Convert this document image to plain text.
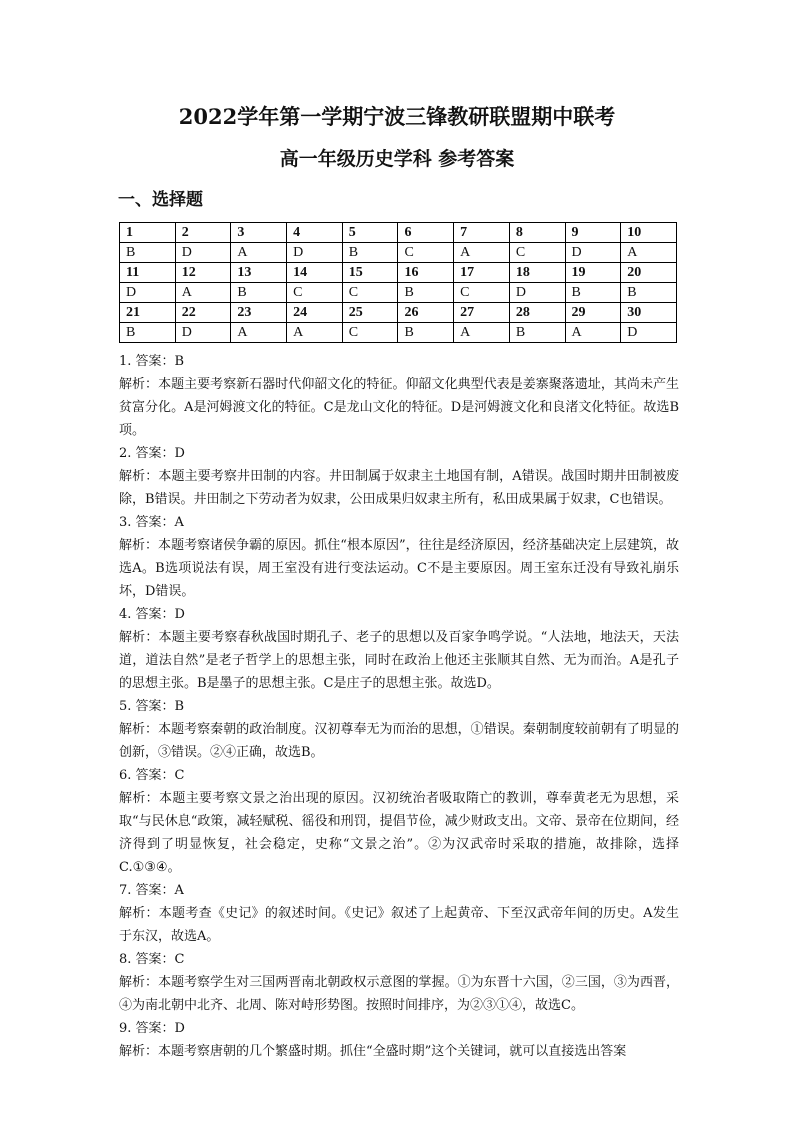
2022学年第一学期宁波三锋教研联盟期中联考
高一年级历史学科 参考答案
一、选择题
1	2	3	4	5	6	7	8	9	10
B	D	A	D	B	C	A	C	D	A
11	12	13	14	15	16	17	18	19	20
D	A	B	C	C	B	C	D	B	B
21	22	23	24	25	26	27	28	29	30
B	D	A	A	C	B	A	B	A	D

1. 答案：B

解析：本题主要考察新石器时代仰韶文化的特征。仰韶文化典型代表是姜寨聚落遗址，其尚未产生贫富分化。A是河姆渡文化的特征。C是龙山文化的特征。D是河姆渡文化和良渚文化特征。故选B项。

2. 答案：D

解析：本题主要考察井田制的内容。井田制属于奴隶主土地国有制，A错误。战国时期井田制被废除，B错误。井田制之下劳动者为奴隶，公田成果归奴隶主所有，私田成果属于奴隶，C也错误。

3. 答案：A

解析：本题考察诸侯争霸的原因。抓住“根本原因”，往往是经济原因，经济基础决定上层建筑，故选A。B选项说法有误，周王室没有进行变法运动。C不是主要原因。周王室东迁没有导致礼崩乐坏，D错误。

4. 答案：D

解析：本题主要考察春秋战国时期孔子、老子的思想以及百家争鸣学说。“人法地，地法天，天法道，道法自然”是老子哲学上的思想主张，同时在政治上他还主张顺其自然、无为而治。A是孔子的思想主张。B是墨子的思想主张。C是庄子的思想主张。故选D。

5. 答案：B

解析：本题考察秦朝的政治制度。汉初尊奉无为而治的思想，①错误。秦朝制度较前朝有了明显的创新，③错误。②④正确，故选B。

6. 答案：C

解析：本题主要考察文景之治出现的原因。汉初统治者吸取隋亡的教训，尊奉黄老无为思想，采取“与民休息“政策，减轻赋税、徭役和刑罚，提倡节俭，减少财政支出。文帝、景帝在位期间，经济得到了明显恢复，社会稳定，史称“文景之治”。②为汉武帝时采取的措施，故排除，选择 C.①③④。

7. 答案：A

解析：本题考查《史记》的叙述时间。《史记》叙述了上起黄帝、下至汉武帝年间的历史。A发生于东汉，故选A。

8. 答案：C

解析：本题考察学生对三国两晋南北朝政权示意图的掌握。①为东晋十六国，②三国，③为西晋，④为南北朝中北齐、北周、陈对峙形势图。按照时间排序，为②③①④，故选C。

9. 答案：D

解析：本题考察唐朝的几个繁盛时期。抓住“全盛时期”这个关键词，就可以直接选出答案
